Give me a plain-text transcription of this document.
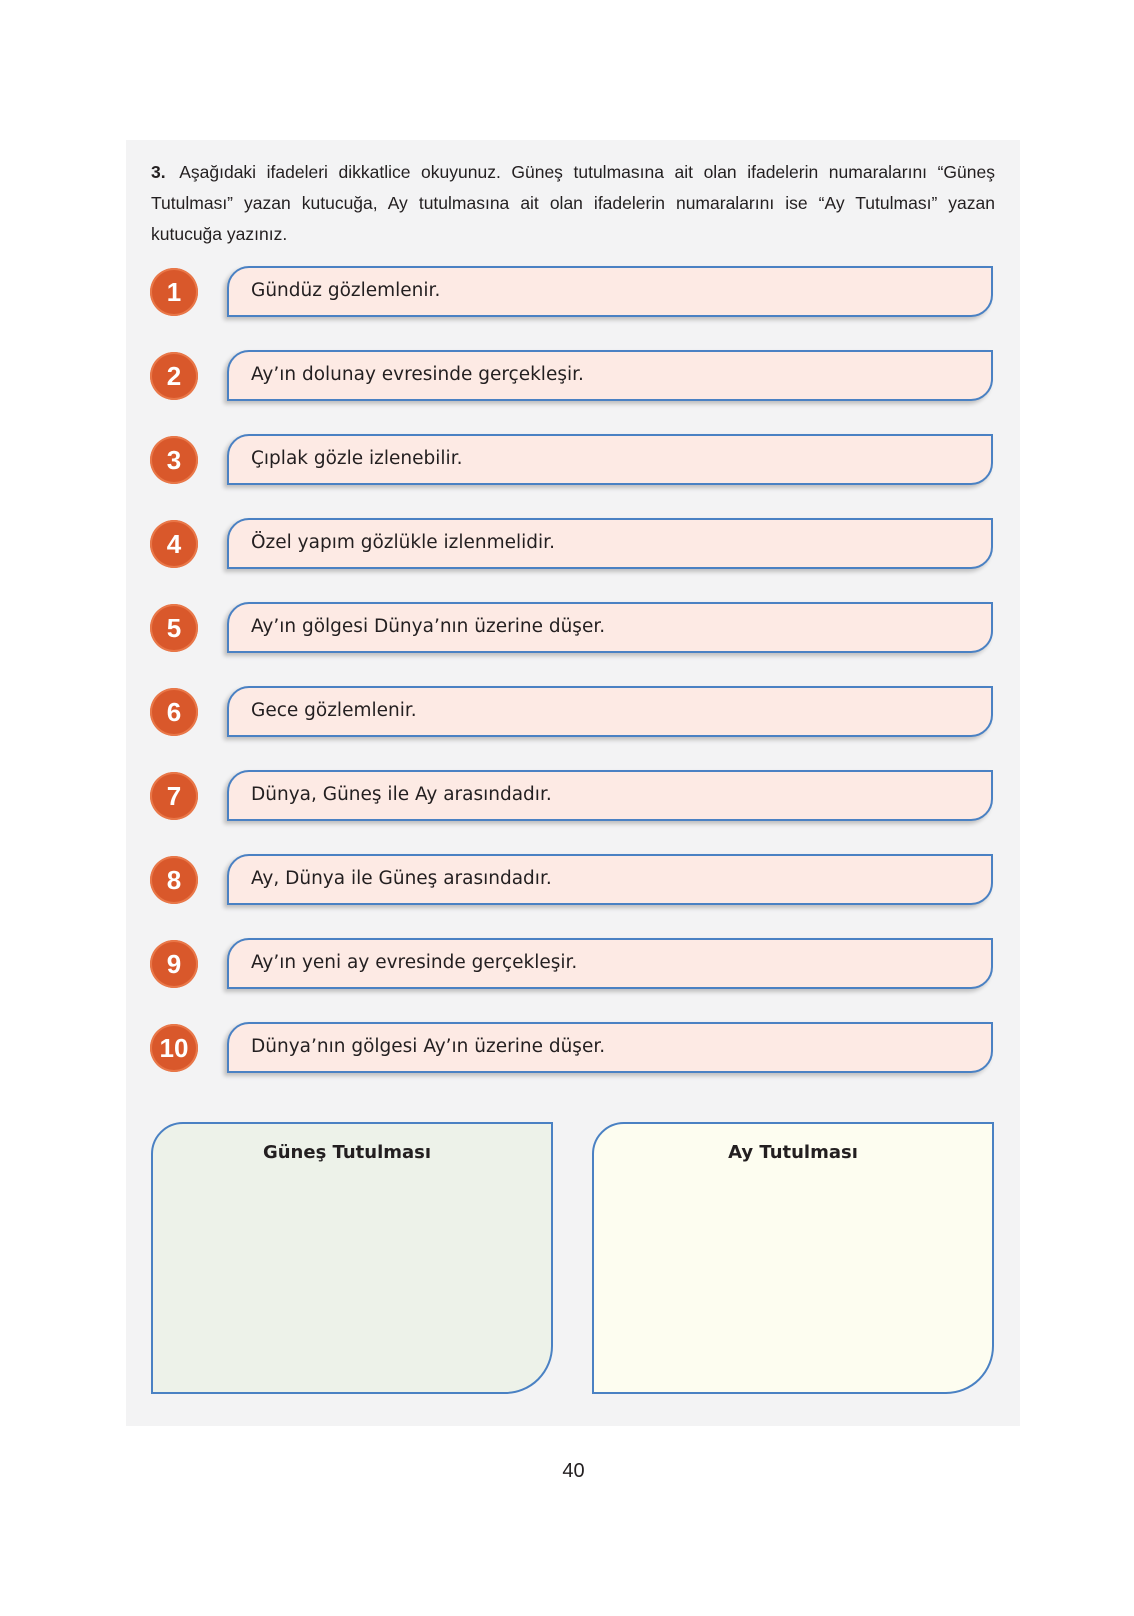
3. Aşağıdaki ifadeleri dikkatlice okuyunuz. Güneş tutulmasına ait olan ifadelerin numaralarını “Güneş Tutulması” yazan kutucuğa, Ay tutulmasına ait olan ifadelerin numaralarını ise “Ay Tutulması” yazan kutucuğa yazınız.

1	Gündüz gözlemlenir.
2	Ay’ın dolunay evresinde gerçekleşir.
3	Çıplak gözle izlenebilir.
4	Özel yapım gözlükle izlenmelidir.
5	Ay’ın gölgesi Dünya’nın üzerine düşer.
6	Gece gözlemlenir.
7	Dünya, Güneş ile Ay arasındadır.
8	Ay, Dünya ile Güneş arasındadır.
9	Ay’ın yeni ay evresinde gerçekleşir.
10	Dünya’nın gölgesi Ay’ın üzerine düşer.
Güneş Tutulması	Ay Tutulması
40
